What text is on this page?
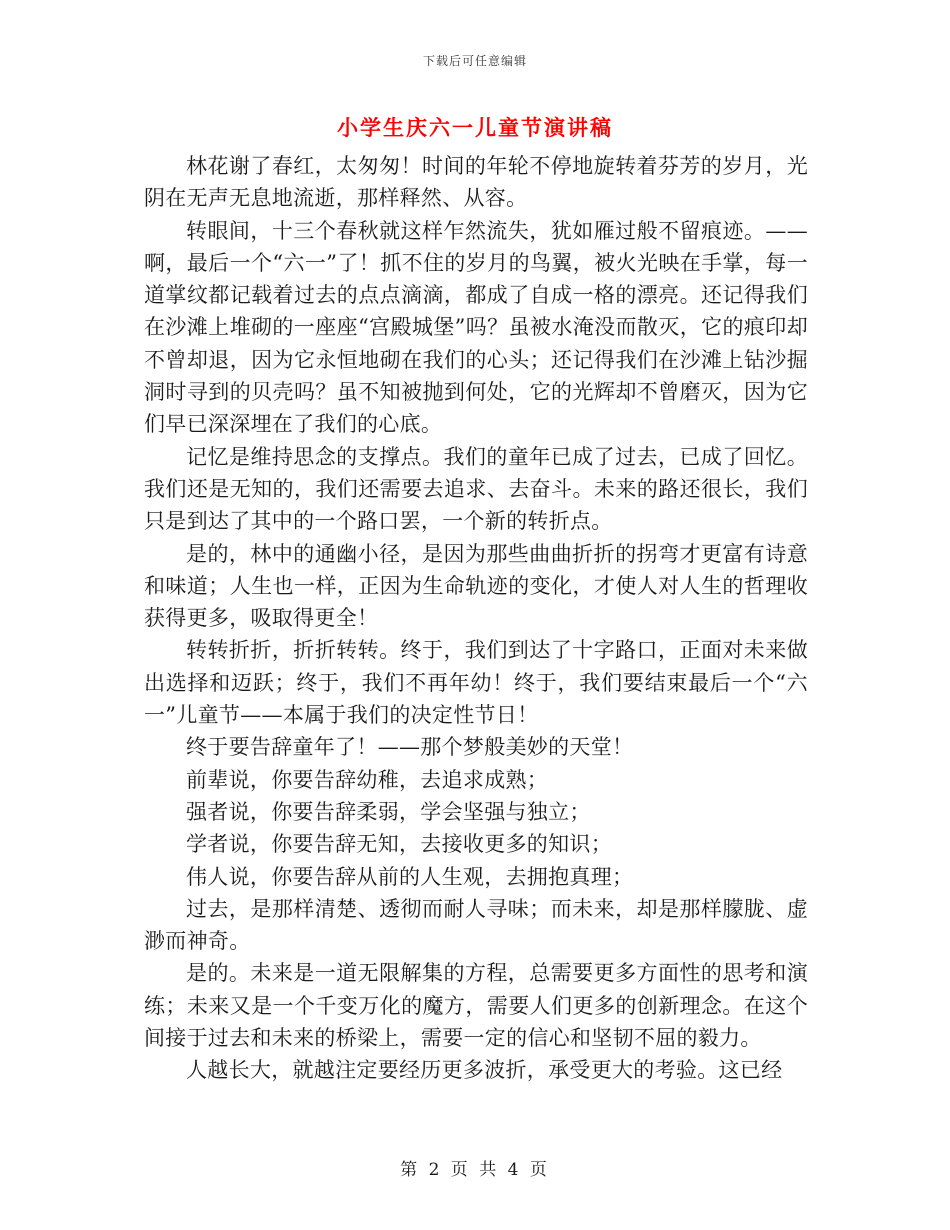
下载后可任意编辑
小学生庆六一儿童节演讲稿

林花谢了春红，太匆匆！时间的年轮不停地旋转着芬芳的岁月，光阴在无声无息地流逝，那样释然、从容。

转眼间，十三个春秋就这样乍然流失，犹如雁过般不留痕迹。——啊，最后一个“六一”了！抓不住的岁月的鸟翼，被火光映在手掌，每一道掌纹都记载着过去的点点滴滴，都成了自成一格的漂亮。还记得我们在沙滩上堆砌的一座座“宫殿城堡”吗？虽被水淹没而散灭，它的痕印却不曾却退，因为它永恒地砌在我们的心头；还记得我们在沙滩上钻沙掘洞时寻到的贝壳吗？虽不知被抛到何处，它的光辉却不曾磨灭，因为它们早已深深埋在了我们的心底。

记忆是维持思念的支撑点。我们的童年已成了过去，已成了回忆。我们还是无知的，我们还需要去追求、去奋斗。未来的路还很长，我们只是到达了其中的一个路口罢，一个新的转折点。

是的，林中的通幽小径，是因为那些曲曲折折的拐弯才更富有诗意和味道；人生也一样，正因为生命轨迹的变化，才使人对人生的哲理收获得更多，吸取得更全！

转转折折，折折转转。终于，我们到达了十字路口，正面对未来做出选择和迈跃；终于，我们不再年幼！终于，我们要结束最后一个“六一”儿童节——本属于我们的决定性节日！

终于要告辞童年了！——那个梦般美妙的天堂！

前辈说，你要告辞幼稚，去追求成熟；

强者说，你要告辞柔弱，学会坚强与独立；

学者说，你要告辞无知，去接收更多的知识；

伟人说，你要告辞从前的人生观，去拥抱真理；

过去，是那样清楚、透彻而耐人寻味；而未来，却是那样朦胧、虚渺而神奇。

是的。未来是一道无限解集的方程，总需要更多方面性的思考和演练；未来又是一个千变万化的魔方，需要人们更多的创新理念。在这个间接于过去和未来的桥梁上，需要一定的信心和坚韧不屈的毅力。

人越长大，就越注定要经历更多波折，承受更大的考验。这已经

第 2 页 共 4 页
